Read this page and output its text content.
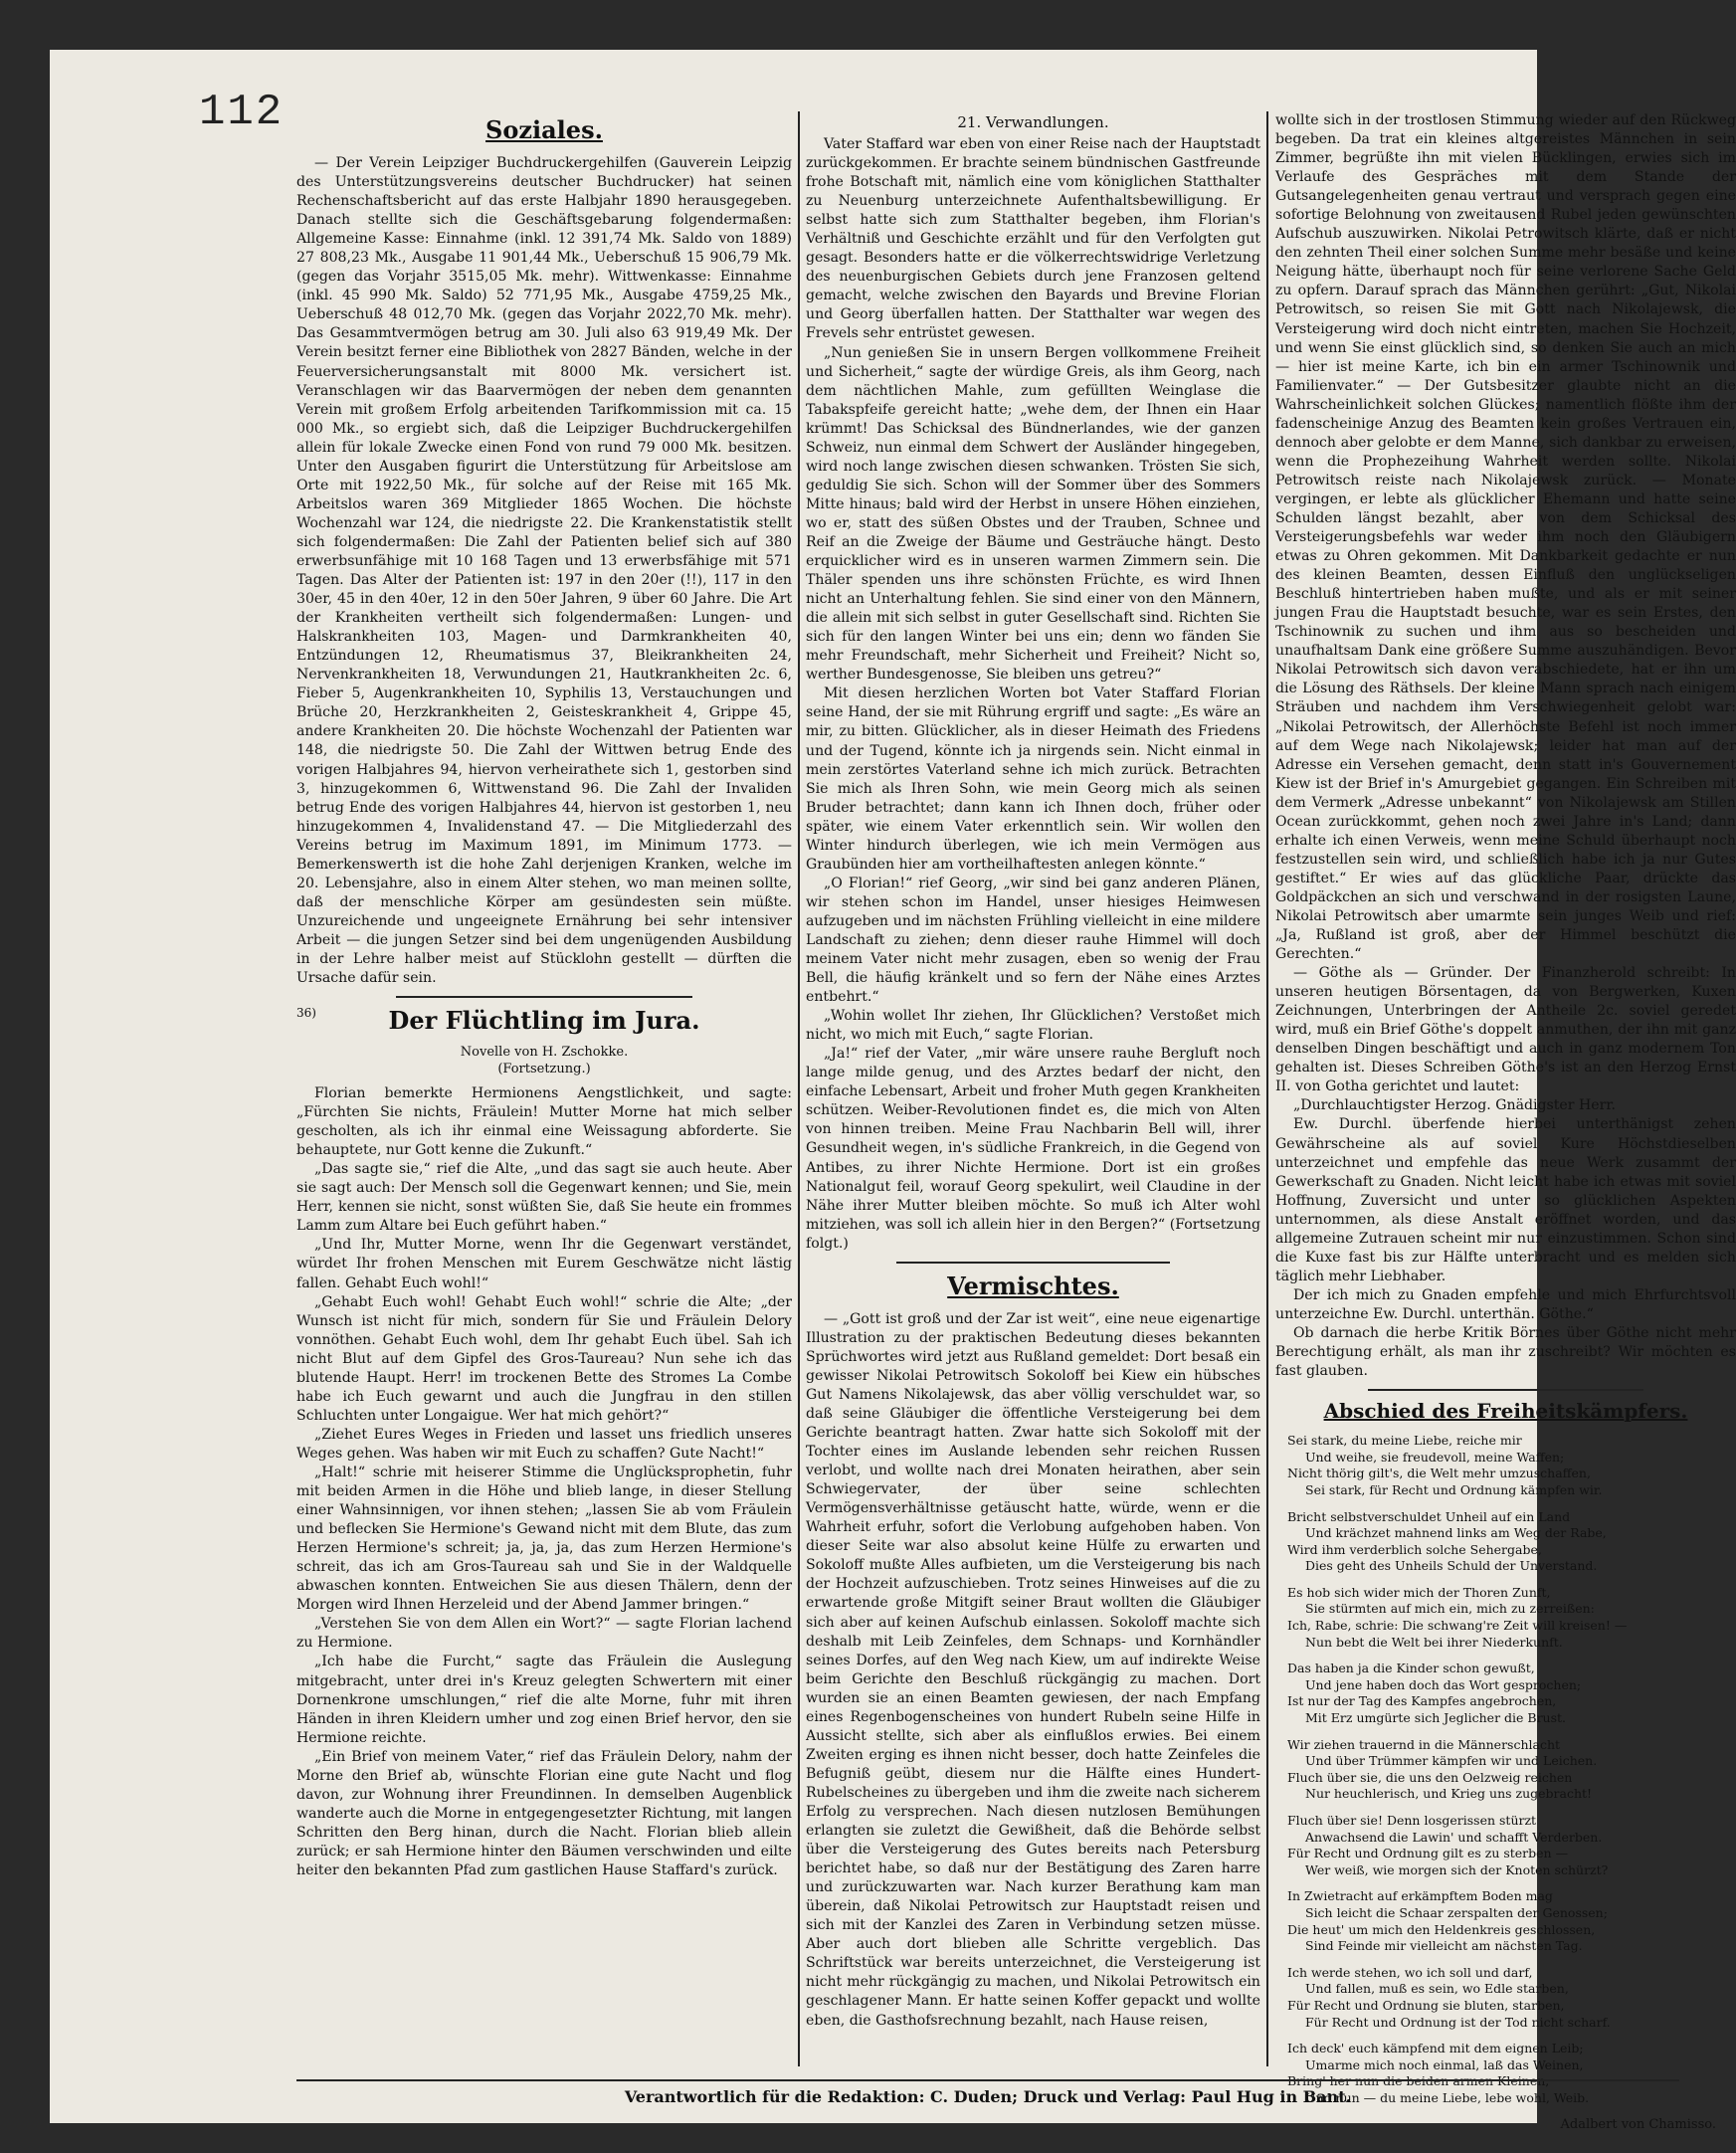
112	Soziales.

— Der Verein Leipziger Buchdruckergehilfen (Gauverein Leipzig des Unterstützungsvereins deutscher Buchdrucker) hat seinen Rechenschaftsbericht auf das erste Halbjahr 1890 herausgegeben. Danach stellte sich die Geschäftsgebarung folgendermaßen: Allgemeine Kasse: Einnahme (inkl. 12 391,74 Mk. Saldo von 1889) 27 808,23 Mk., Ausgabe 11 901,44 Mk., Ueberschuß 15 906,79 Mk. (gegen das Vorjahr 3515,05 Mk. mehr). Wittwenkasse: Einnahme (inkl. 45 990 Mk. Saldo) 52 771,95 Mk., Ausgabe 4759,25 Mk., Ueberschuß 48 012,70 Mk. (gegen das Vorjahr 2022,70 Mk. mehr). Das Gesammtvermögen betrug am 30. Juli also 63 919,49 Mk. Der Verein besitzt ferner eine Bibliothek von 2827 Bänden, welche in der Feuerversicherungsanstalt mit 8000 Mk. versichert ist. Veranschlagen wir das Baarvermögen der neben dem genannten Verein mit großem Erfolg arbeitenden Tarifkommission mit ca. 15 000 Mk., so ergiebt sich, daß die Leipziger Buchdruckergehilfen allein für lokale Zwecke einen Fond von rund 79 000 Mk. besitzen. Unter den Ausgaben figurirt die Unterstützung für Arbeitslose am Orte mit 1922,50 Mk., für solche auf der Reise mit 165 Mk. Arbeitslos waren 369 Mitglieder 1865 Wochen. Die höchste Wochenzahl war 124, die niedrigste 22. Die Krankenstatistik stellt sich folgendermaßen: Die Zahl der Patienten belief sich auf 380 erwerbsunfähige mit 10 168 Tagen und 13 erwerbsfähige mit 571 Tagen. Das Alter der Patienten ist: 197 in den 20er (!!), 117 in den 30er, 45 in den 40er, 12 in den 50er Jahren, 9 über 60 Jahre. Die Art der Krankheiten vertheilt sich folgendermaßen: Lungen- und Halskrankheiten 103, Magen- und Darmkrankheiten 40, Entzündungen 12, Rheumatismus 37, Bleikrankheiten 24, Nervenkrankheiten 18, Verwundungen 21, Hautkrankheiten 2c. 6, Fieber 5, Augenkrankheiten 10, Syphilis 13, Verstauchungen und Brüche 20, Herzkrankheiten 2, Geisteskrankheit 4, Grippe 45, andere Krankheiten 20. Die höchste Wochenzahl der Patienten war 148, die niedrigste 50. Die Zahl der Wittwen betrug Ende des vorigen Halbjahres 94, hiervon verheirathete sich 1, gestorben sind 3, hinzugekommen 6, Wittwenstand 96. Die Zahl der Invaliden betrug Ende des vorigen Halbjahres 44, hiervon ist gestorben 1, neu hinzugekommen 4, Invalidenstand 47. — Die Mitgliederzahl des Vereins betrug im Maximum 1891, im Minimum 1773. — Bemerkenswerth ist die hohe Zahl derjenigen Kranken, welche im 20. Lebensjahre, also in einem Alter stehen, wo man meinen sollte, daß der menschliche Körper am gesündesten sein müßte. Unzureichende und ungeeignete Ernährung bei sehr intensiver Arbeit — die jungen Setzer sind bei dem ungenügenden Ausbildung in der Lehre halber meist auf Stücklohn gestellt — dürften die Ursache dafür sein.

36)	Der Flüchtling im Jura.
Novelle von H. Zschokke.
(Fortsetzung.)

Florian bemerkte Hermionens Aengstlichkeit, und sagte: „Fürchten Sie nichts, Fräulein! Mutter Morne hat mich selber gescholten, als ich ihr einmal eine Weissagung abforderte. Sie behauptete, nur Gott kenne die Zukunft.“

„Das sagte sie,“ rief die Alte, „und das sagt sie auch heute. Aber sie sagt auch: Der Mensch soll die Gegenwart kennen; und Sie, mein Herr, kennen sie nicht, sonst wüßten Sie, daß Sie heute ein frommes Lamm zum Altare bei Euch geführt haben.“

„Und Ihr, Mutter Morne, wenn Ihr die Gegenwart verständet, würdet Ihr frohen Menschen mit Eurem Geschwätze nicht lästig fallen. Gehabt Euch wohl!“

„Gehabt Euch wohl! Gehabt Euch wohl!“ schrie die Alte; „der Wunsch ist nicht für mich, sondern für Sie und Fräulein Delory vonnöthen. Gehabt Euch wohl, dem Ihr gehabt Euch übel. Sah ich nicht Blut auf dem Gipfel des Gros-Taureau? Nun sehe ich das blutende Haupt. Herr! im trockenen Bette des Stromes La Combe habe ich Euch gewarnt und auch die Jungfrau in den stillen Schluchten unter Longaigue. Wer hat mich gehört?“

„Ziehet Eures Weges in Frieden und lasset uns friedlich unseres Weges gehen. Was haben wir mit Euch zu schaffen? Gute Nacht!“

„Halt!“ schrie mit heiserer Stimme die Unglücksprophetin, fuhr mit beiden Armen in die Höhe und blieb lange, in dieser Stellung einer Wahnsinnigen, vor ihnen stehen; „lassen Sie ab vom Fräulein und beflecken Sie Hermione's Gewand nicht mit dem Blute, das zum Herzen Hermione's schreit; ja, ja, ja, das zum Herzen Hermione's schreit, das ich am Gros-Taureau sah und Sie in der Waldquelle abwaschen konnten. Entweichen Sie aus diesen Thälern, denn der Morgen wird Ihnen Herzeleid und der Abend Jammer bringen.“

„Verstehen Sie von dem Allen ein Wort?“ — sagte Florian lachend zu Hermione.

„Ich habe die Furcht,“ sagte das Fräulein die Auslegung mitgebracht, unter drei in's Kreuz gelegten Schwertern mit einer Dornenkrone umschlungen,“ rief die alte Morne, fuhr mit ihren Händen in ihren Kleidern umher und zog einen Brief hervor, den sie Hermione reichte.

„Ein Brief von meinem Vater,“ rief das Fräulein Delory, nahm der Morne den Brief ab, wünschte Florian eine gute Nacht und flog davon, zur Wohnung ihrer Freundinnen. In demselben Augenblick wanderte auch die Morne in entgegengesetzter Richtung, mit langen Schritten den Berg hinan, durch die Nacht. Florian blieb allein zurück; er sah Hermione hinter den Bäumen verschwinden und eilte heiter den bekannten Pfad zum gastlichen Hause Staffard's zurück.

21. Verwandlungen.

Vater Staffard war eben von einer Reise nach der Hauptstadt zurückgekommen. Er brachte seinem bündnischen Gastfreunde frohe Botschaft mit, nämlich eine vom königlichen Statthalter zu Neuenburg unterzeichnete Aufenthaltsbewilligung. Er selbst hatte sich zum Statthalter begeben, ihm Florian's Verhältniß und Geschichte erzählt und für den Verfolgten gut gesagt. Besonders hatte er die völkerrechtswidrige Verletzung des neuenburgischen Gebiets durch jene Franzosen geltend gemacht, welche zwischen den Bayards und Brevine Florian und Georg überfallen hatten. Der Statthalter war wegen des Frevels sehr entrüstet gewesen.

„Nun genießen Sie in unsern Bergen vollkommene Freiheit und Sicherheit,“ sagte der würdige Greis, als ihm Georg, nach dem nächtlichen Mahle, zum gefüllten Weinglase die Tabakspfeife gereicht hatte; „wehe dem, der Ihnen ein Haar krümmt! Das Schicksal des Bündnerlandes, wie der ganzen Schweiz, nun einmal dem Schwert der Ausländer hingegeben, wird noch lange zwischen diesen schwanken. Trösten Sie sich, geduldig Sie sich. Schon will der Sommer über des Sommers Mitte hinaus; bald wird der Herbst in unsere Höhen einziehen, wo er, statt des süßen Obstes und der Trauben, Schnee und Reif an die Zweige der Bäume und Gesträuche hängt. Desto erquicklicher wird es in unseren warmen Zimmern sein. Die Thäler spenden uns ihre schönsten Früchte, es wird Ihnen nicht an Unterhaltung fehlen. Sie sind einer von den Männern, die allein mit sich selbst in guter Gesellschaft sind. Richten Sie sich für den langen Winter bei uns ein; denn wo fänden Sie mehr Freundschaft, mehr Sicherheit und Freiheit? Nicht so, werther Bundesgenosse, Sie bleiben uns getreu?“

Mit diesen herzlichen Worten bot Vater Staffard Florian seine Hand, der sie mit Rührung ergriff und sagte: „Es wäre an mir, zu bitten. Glücklicher, als in dieser Heimath des Friedens und der Tugend, könnte ich ja nirgends sein. Nicht einmal in mein zerstörtes Vaterland sehne ich mich zurück. Betrachten Sie mich als Ihren Sohn, wie mein Georg mich als seinen Bruder betrachtet; dann kann ich Ihnen doch, früher oder später, wie einem Vater erkenntlich sein. Wir wollen den Winter hindurch überlegen, wie ich mein Vermögen aus Graubünden hier am vortheilhaftesten anlegen könnte.“

„O Florian!“ rief Georg, „wir sind bei ganz anderen Plänen, wir stehen schon im Handel, unser hiesiges Heimwesen aufzugeben und im nächsten Frühling vielleicht in eine mildere Landschaft zu ziehen; denn dieser rauhe Himmel will doch meinem Vater nicht mehr zusagen, eben so wenig der Frau Bell, die häufig kränkelt und so fern der Nähe eines Arztes entbehrt.“

„Wohin wollet Ihr ziehen, Ihr Glücklichen? Verstoßet mich nicht, wo mich mit Euch,“ sagte Florian.

„Ja!“ rief der Vater, „mir wäre unsere rauhe Bergluft noch lange milde genug, und des Arztes bedarf der nicht, den einfache Lebensart, Arbeit und froher Muth gegen Krankheiten schützen. Weiber-Revolutionen findet es, die mich von Alten von hinnen treiben. Meine Frau Nachbarin Bell will, ihrer Gesundheit wegen, in's südliche Frankreich, in die Gegend von Antibes, zu ihrer Nichte Hermione. Dort ist ein großes Nationalgut feil, worauf Georg spekulirt, weil Claudine in der Nähe ihrer Mutter bleiben möchte. So muß ich Alter wohl mitziehen, was soll ich allein hier in den Bergen?“ (Fortsetzung folgt.)

Vermischtes.

— „Gott ist groß und der Zar ist weit“, eine neue eigenartige Illustration zu der praktischen Bedeutung dieses bekannten Sprüchwortes wird jetzt aus Rußland gemeldet: Dort besaß ein gewisser Nikolai Petrowitsch Sokoloff bei Kiew ein hübsches Gut Namens Nikolajewsk, das aber völlig verschuldet war, so daß seine Gläubiger die öffentliche Versteigerung bei dem Gerichte beantragt hatten. Zwar hatte sich Sokoloff mit der Tochter eines im Auslande lebenden sehr reichen Russen verlobt, und wollte nach drei Monaten heirathen, aber sein Schwiegervater, der über seine schlechten Vermögensverhältnisse getäuscht hatte, würde, wenn er die Wahrheit erfuhr, sofort die Verlobung aufgehoben haben. Von dieser Seite war also absolut keine Hülfe zu erwarten und Sokoloff mußte Alles aufbieten, um die Versteigerung bis nach der Hochzeit aufzuschieben. Trotz seines Hinweises auf die zu erwartende große Mitgift seiner Braut wollten die Gläubiger sich aber auf keinen Aufschub einlassen. Sokoloff machte sich deshalb mit Leib Zeinfeles, dem Schnaps- und Kornhändler seines Dorfes, auf den Weg nach Kiew, um auf indirekte Weise beim Gerichte den Beschluß rückgängig zu machen. Dort wurden sie an einen Beamten gewiesen, der nach Empfang eines Regenbogenscheines von hundert Rubeln seine Hilfe in Aussicht stellte, sich aber als einflußlos erwies. Bei einem Zweiten erging es ihnen nicht besser, doch hatte Zeinfeles die Befugniß geübt, diesem nur die Hälfte eines Hundert-Rubelscheines zu übergeben und ihm die zweite nach sicherem Erfolg zu versprechen. Nach diesen nutzlosen Bemühungen erlangten sie zuletzt die Gewißheit, daß die Behörde selbst über die Versteigerung des Gutes bereits nach Petersburg berichtet habe, so daß nur der Bestätigung des Zaren harre und zurückzuwarten war. Nach kurzer Berathung kam man überein, daß Nikolai Petrowitsch zur Hauptstadt reisen und sich mit der Kanzlei des Zaren in Verbindung setzen müsse. Aber auch dort blieben alle Schritte vergeblich. Das Schriftstück war bereits unterzeichnet, die Versteigerung ist nicht mehr rückgängig zu machen, und Nikolai Petrowitsch ein geschlagener Mann. Er hatte seinen Koffer gepackt und wollte eben, die Gasthofsrechnung bezahlt, nach Hause reisen,

wollte sich in der trostlosen Stimmung wieder auf den Rückweg begeben. Da trat ein kleines altgereistes Männchen in sein Zimmer, begrüßte ihn mit vielen Bücklingen, erwies sich im Verlaufe des Gespräches mit dem Stande der Gutsangelegenheiten genau vertraut und versprach gegen eine sofortige Belohnung von zweitausend Rubel jeden gewünschten Aufschub auszuwirken. Nikolai Petrowitsch klärte, daß er nicht den zehnten Theil einer solchen Summe mehr besäße und keine Neigung hätte, überhaupt noch für seine verlorene Sache Geld zu opfern. Darauf sprach das Männchen gerührt: „Gut, Nikolai Petrowitsch, so reisen Sie mit Gott nach Nikolajewsk, die Versteigerung wird doch nicht eintreten, machen Sie Hochzeit, und wenn Sie einst glücklich sind, so denken Sie auch an mich — hier ist meine Karte, ich bin ein armer Tschinownik und Familienvater.“ — Der Gutsbesitzer glaubte nicht an die Wahrscheinlichkeit solchen Glückes; namentlich flößte ihm der fadenscheinige Anzug des Beamten kein großes Vertrauen ein, dennoch aber gelobte er dem Manne, sich dankbar zu erweisen, wenn die Prophezeihung Wahrheit werden sollte. Nikolai Petrowitsch reiste nach Nikolajewsk zurück. — Monate vergingen, er lebte als glücklicher Ehemann und hatte seine Schulden längst bezahlt, aber von dem Schicksal des Versteigerungsbefehls war weder ihm noch den Gläubigern etwas zu Ohren gekommen. Mit Dankbarkeit gedachte er nun des kleinen Beamten, dessen Einfluß den unglückseligen Beschluß hintertrieben haben mußte, und als er mit seiner jungen Frau die Hauptstadt besuchte, war es sein Erstes, den Tschinownik zu suchen und ihm aus so bescheiden und unaufhaltsam Dank eine größere Summe auszuhändigen. Bevor Nikolai Petrowitsch sich davon verabschiedete, hat er ihn um die Lösung des Räthsels. Der kleine Mann sprach nach einigem Sträuben und nachdem ihm Verschwiegenheit gelobt war: „Nikolai Petrowitsch, der Allerhöchste Befehl ist noch immer auf dem Wege nach Nikolajewsk; leider hat man auf der Adresse ein Versehen gemacht, denn statt in's Gouvernement Kiew ist der Brief in's Amurgebiet gegangen. Ein Schreiben mit dem Vermerk „Adresse unbekannt“ von Nikolajewsk am Stillen Ocean zurückkommt, gehen noch zwei Jahre in's Land; dann erhalte ich einen Verweis, wenn meine Schuld überhaupt noch festzustellen sein wird, und schließlich habe ich ja nur Gutes gestiftet.“ Er wies auf das glückliche Paar, drückte das Goldpäckchen an sich und verschwand in der rosigsten Laune, Nikolai Petrowitsch aber umarmte sein junges Weib und rief: „Ja, Rußland ist groß, aber der Himmel beschützt die Gerechten.“

— Göthe als — Gründer. Der Finanzherold schreibt: In unseren heutigen Börsentagen, da von Bergwerken, Kuxen Zeichnungen, Unterbringen der Antheile 2c. soviel geredet wird, muß ein Brief Göthe's doppelt anmuthen, der ihn mit ganz denselben Dingen beschäftigt und auch in ganz modernem Ton gehalten ist. Dieses Schreiben Göthe's ist an den Herzog Ernst II. von Gotha gerichtet und lautet:

„Durchlauchtigster Herzog. Gnädigster Herr.

Ew. Durchl. überfende hierbei unterthänigst zehen Gewährscheine als auf soviel Kure Höchstdieselben unterzeichnet und empfehle das neue Werk zusammt der Gewerkschaft zu Gnaden. Nicht leicht habe ich etwas mit soviel Hoffnung, Zuversicht und unter so glücklichen Aspekten unternommen, als diese Anstalt eröffnet worden, und das allgemeine Zutrauen scheint mir nur einzustimmen. Schon sind die Kuxe fast bis zur Hälfte unterbracht und es melden sich täglich mehr Liebhaber.

Der ich mich zu Gnaden empfehle und mich Ehrfurchtsvoll unterzeichne Ew. Durchl. unterthän. Göthe.“

Ob darnach die herbe Kritik Börnes über Göthe nicht mehr Berechtigung erhält, als man ihr zuschreibt? Wir möchten es fast glauben.

Abschied des Freiheitskämpfers.
Sei stark, du meine Liebe, reiche mir
Und weihe, sie freudevoll, meine Waffen;
Nicht thörig gilt's, die Welt mehr umzuschaffen,
Sei stark, für Recht und Ordnung kämpfen wir.
Bricht selbstverschuldet Unheil auf ein Land
Und krächzet mahnend links am Weg der Rabe,
Wird ihm verderblich solche Sehergabe,
Dies geht des Unheils Schuld der Unverstand.
Es hob sich wider mich der Thoren Zunft,
Sie stürmten auf mich ein, mich zu zerreißen:
Ich, Rabe, schrie: Die schwang're Zeit will kreisen! —
Nun bebt die Welt bei ihrer Niederkunft.
Das haben ja die Kinder schon gewußt,
Und jene haben doch das Wort gesprochen;
Ist nur der Tag des Kampfes angebrochen,
Mit Erz umgürte sich Jeglicher die Brust.
Wir ziehen trauernd in die Männerschlacht
Und über Trümmer kämpfen wir und Leichen.
Fluch über sie, die uns den Oelzweig reichen
Nur heuchlerisch, und Krieg uns zugebracht!
Fluch über sie! Denn losgerissen stürzt
Anwachsend die Lawin' und schafft Verderben.
Für Recht und Ordnung gilt es zu sterben —
Wer weiß, wie morgen sich der Knoten schürzt?
In Zwietracht auf erkämpftem Boden mag
Sich leicht die Schaar zerspalten der Genossen;
Die heut' um mich den Heldenkreis geschlossen,
Sind Feinde mir vielleicht am nächsten Tag.
Ich werde stehen, wo ich soll und darf,
Und fallen, muß es sein, wo Edle starben,
Für Recht und Ordnung sie bluten, starben,
Für Recht und Ordnung ist der Tod nicht scharf.
Ich deck' euch kämpfend mit dem eignen Leib;
Umarme mich noch einmal, laß das Weinen,
Bring' her nun die beiden armen Kleinen,
Und nun — du meine Liebe, lebe wohl, Weib.
Adalbert von Chamisso.
Verantwortlich für die Redaktion: C. Duden; Druck und Verlag: Paul Hug in Bant.
